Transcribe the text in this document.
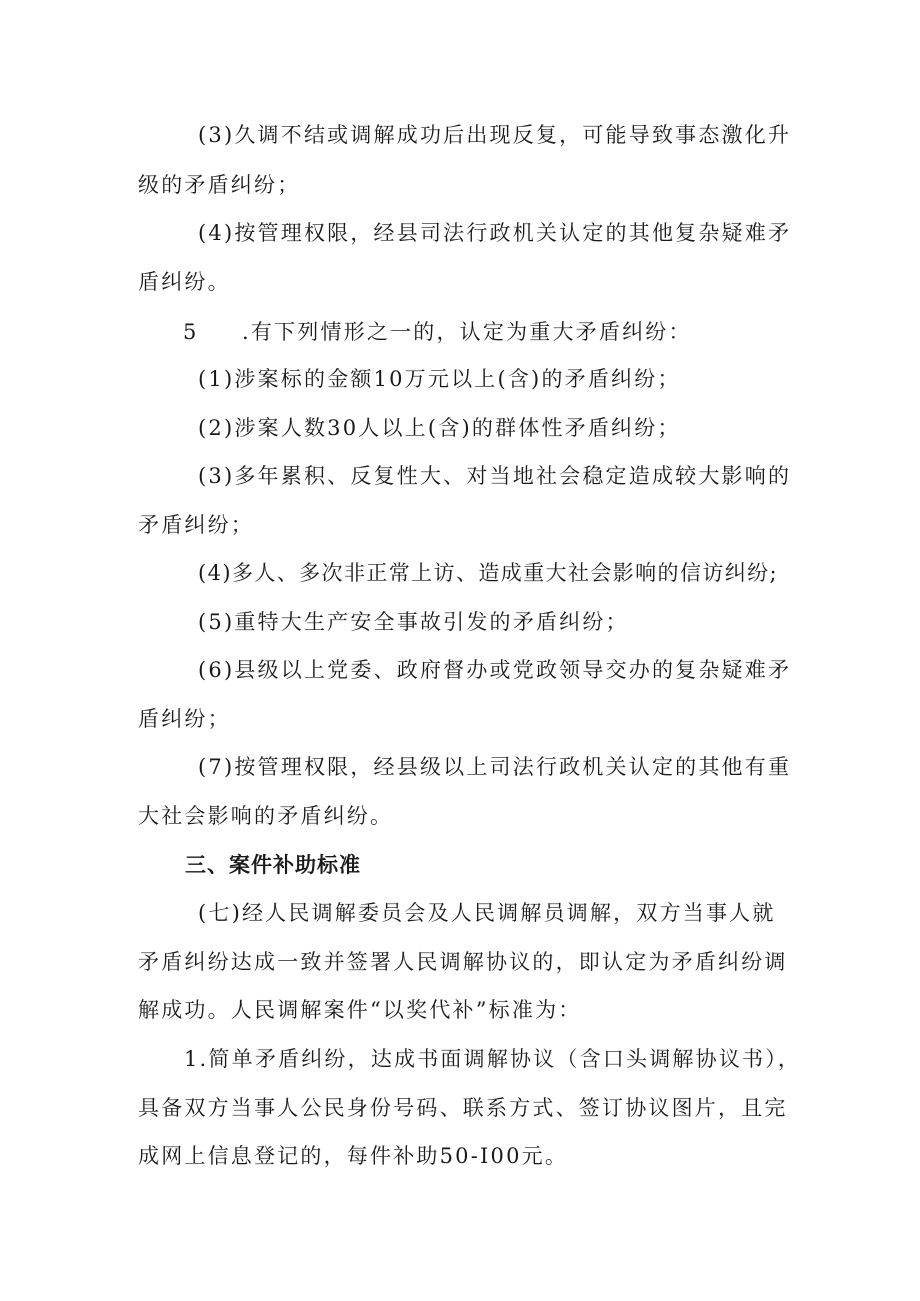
(3)久调不结或调解成功后出现反复，可能导致事态激化升

级的矛盾纠纷；

(4)按管理权限，经县司法行政机关认定的其他复杂疑难矛

盾纠纷。

5 .有下列情形之一的，认定为重大矛盾纠纷：

(1)涉案标的金额10万元以上(含)的矛盾纠纷；

(2)涉案人数30人以上(含)的群体性矛盾纠纷；

(3)多年累积、反复性大、对当地社会稳定造成较大影响的

矛盾纠纷；

(4)多人、多次非正常上访、造成重大社会影响的信访纠纷;

(5)重特大生产安全事故引发的矛盾纠纷；

(6)县级以上党委、政府督办或党政领导交办的复杂疑难矛

盾纠纷；

(7)按管理权限，经县级以上司法行政机关认定的其他有重

大社会影响的矛盾纠纷。

三、案件补助标准

(七)经人民调解委员会及人民调解员调解，双方当事人就

矛盾纠纷达成一致并签署人民调解协议的，即认定为矛盾纠纷调

解成功。人民调解案件“以奖代补”标准为：

1.简单矛盾纠纷，达成书面调解协议（含口头调解协议书），

具备双方当事人公民身份号码、联系方式、签订协议图片，且完

成网上信息登记的，每件补助50-I00元。
